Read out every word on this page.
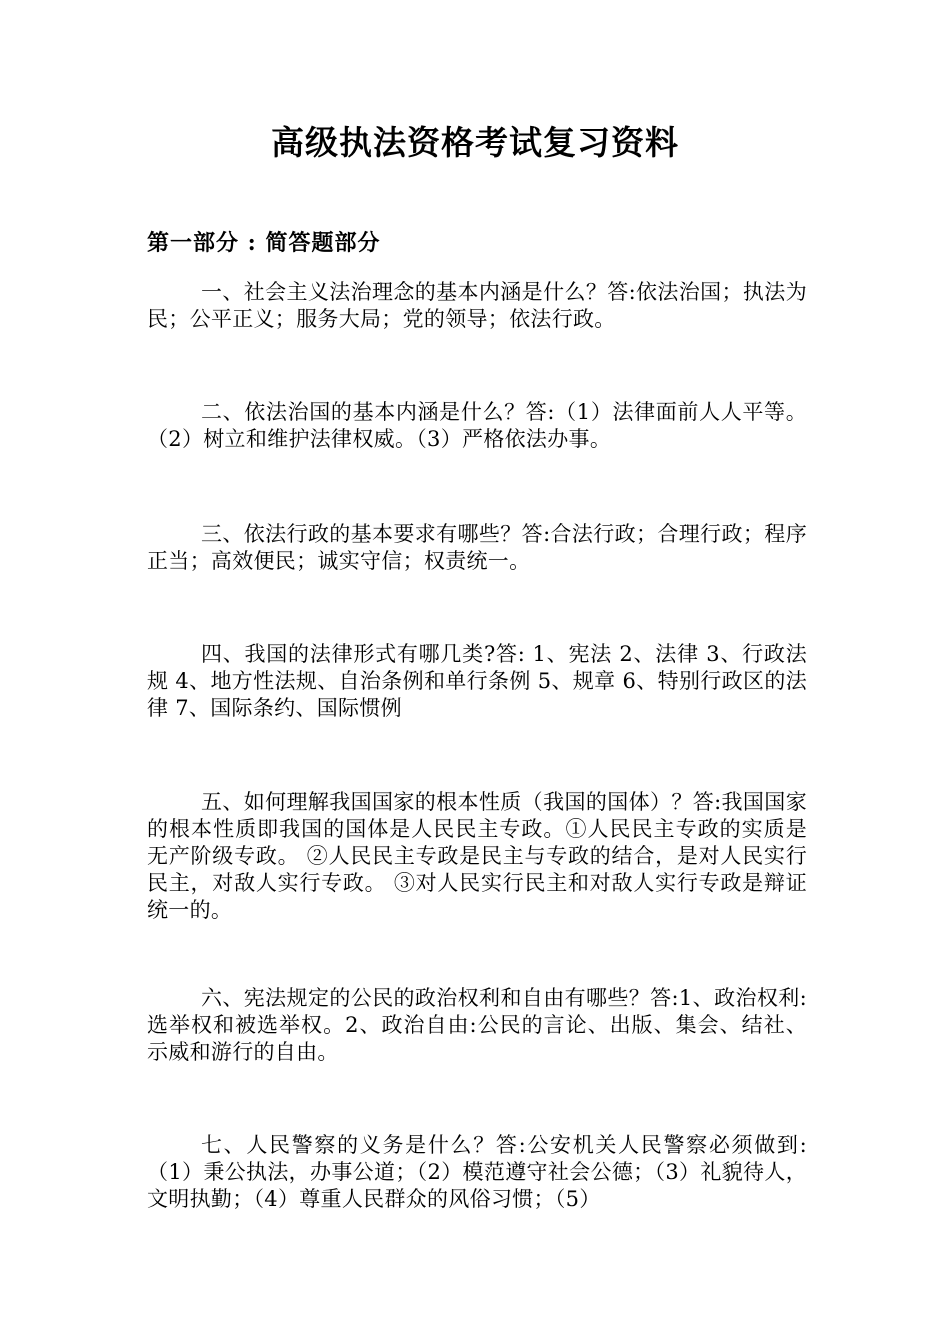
高级执法资格考试复习资料
第一部分 : 简答题部分

一、社会主义法治理念的基本内涵是什么？答:依法治国；执法为民；公平正义；服务大局；党的领导；依法行政。

二、依法治国的基本内涵是什么？答:（1）法律面前人人平等。（2）树立和维护法律权威。（3）严格依法办事。

三、依法行政的基本要求有哪些？答:合法行政；合理行政；程序正当；高效便民；诚实守信；权责统一。

四、我国的法律形式有哪几类?答: 1、宪法 2、法律 3、行政法规 4、地方性法规、自治条例和单行条例 5、规章 6、特别行政区的法律 7、国际条约、国际惯例

五、如何理解我国国家的根本性质（我国的国体）？答:我国国家的根本性质即我国的国体是人民民主专政。①人民民主专政的实质是无产阶级专政。 ②人民民主专政是民主与专政的结合，是对人民实行民主，对敌人实行专政。 ③对人民实行民主和对敌人实行专政是辩证统一的。

六、宪法规定的公民的政治权利和自由有哪些？答:1、政治权利:选举权和被选举权。2、政治自由:公民的言论、出版、集会、结社、示威和游行的自由。

七、人民警察的义务是什么？答:公安机关人民警察必须做到:（1）秉公执法，办事公道；（2）模范遵守社会公德；（3）礼貌待人，文明执勤；（4）尊重人民群众的风俗习惯；（5）
